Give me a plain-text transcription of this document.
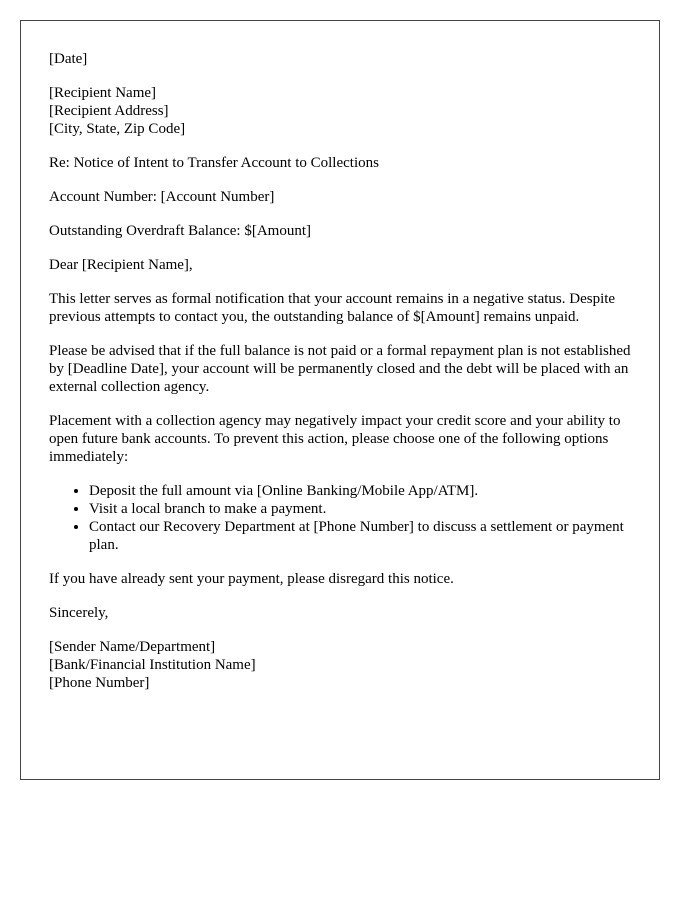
[Date]

[Recipient Name]
[Recipient Address]
[City, State, Zip Code]

Re: Notice of Intent to Transfer Account to Collections

Account Number: [Account Number]

Outstanding Overdraft Balance: $[Amount]

Dear [Recipient Name],

This letter serves as formal notification that your account remains in a negative status. Despite previous attempts to contact you, the outstanding balance of $[Amount] remains unpaid.

Please be advised that if the full balance is not paid or a formal repayment plan is not established by [Deadline Date], your account will be permanently closed and the debt will be placed with an external collection agency.

Placement with a collection agency may negatively impact your credit score and your ability to open future bank accounts. To prevent this action, please choose one of the following options immediately:

• Deposit the full amount via [Online Banking/Mobile App/ATM].
• Visit a local branch to make a payment.
• Contact our Recovery Department at [Phone Number] to discuss a settlement or payment plan.

If you have already sent your payment, please disregard this notice.

Sincerely,

[Sender Name/Department]
[Bank/Financial Institution Name]
[Phone Number]
